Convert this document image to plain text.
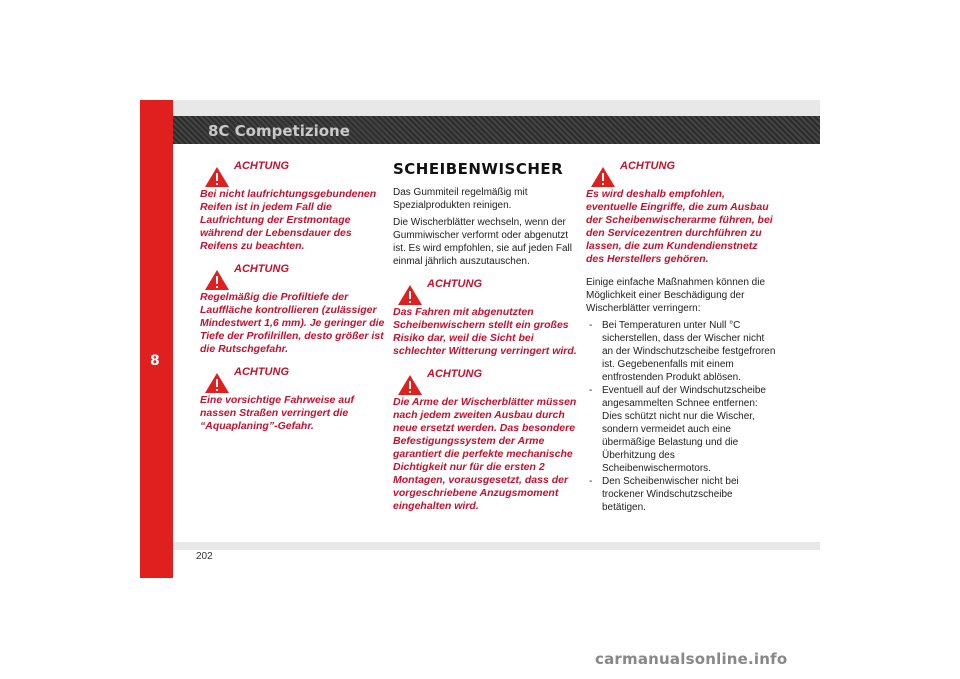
8
8C Competizione
ACHTUNG
Bei nicht laufrichtungsgebundenen Reifen ist in jedem Fall die Laufrichtung der Erstmontage während der Lebensdauer des Reifens zu beachten.
ACHTUNG
Regelmäßig die Profiltiefe der Lauffläche kontrollieren (zulässiger Mindestwert 1,6 mm). Je geringer die Tiefe der Profilrillen, desto größer ist die Rutschgefahr.
ACHTUNG
Eine vorsichtige Fahrweise auf nassen Straßen verringert die “Aquaplaning”-Gefahr.
SCHEIBENWISCHER

Das Gummiteil regelmäßig mit Spezialprodukten reinigen.

Die Wischerblätter wechseln, wenn der Gummiwischer verformt oder abgenutzt ist. Es wird empfohlen, sie auf jeden Fall einmal jährlich auszutauschen.

ACHTUNG
Das Fahren mit abgenutzten Scheibenwischern stellt ein großes Risiko dar, weil die Sicht bei schlechter Witterung verringert wird.
ACHTUNG
Die Arme der Wischerblätter müssen nach jedem zweiten Ausbau durch neue ersetzt werden. Das besondere Befestigungssystem der Arme garantiert die perfekte mechanische Dichtigkeit nur für die ersten 2 Montagen, vorausgesetzt, dass der vorgeschriebene Anzugsmoment eingehalten wird.
ACHTUNG
Es wird deshalb empfohlen, eventuelle Eingriffe, die zum Ausbau der Scheibenwischerarme führen, bei den Servicezentren durchführen zu lassen, die zum Kundendienstnetz des Herstellers gehören.

Einige einfache Maßnahmen können die Möglichkeit einer Beschädigung der Wischerblätter verringern:

- Bei Temperaturen unter Null °C sicherstellen, dass der Wischer nicht an der Windschutzscheibe festgefroren ist. Gegebenenfalls mit einem entfrostenden Produkt ablösen.
- Eventuell auf der Windschutzscheibe angesammelten Schnee entfernen: Dies schützt nicht nur die Wischer, sondern vermeidet auch eine übermäßige Belastung und die Überhitzung des Scheibenwischermotors.
- Den Scheibenwischer nicht bei trockener Windschutzscheibe betätigen.
202
carmanualsonline.info
